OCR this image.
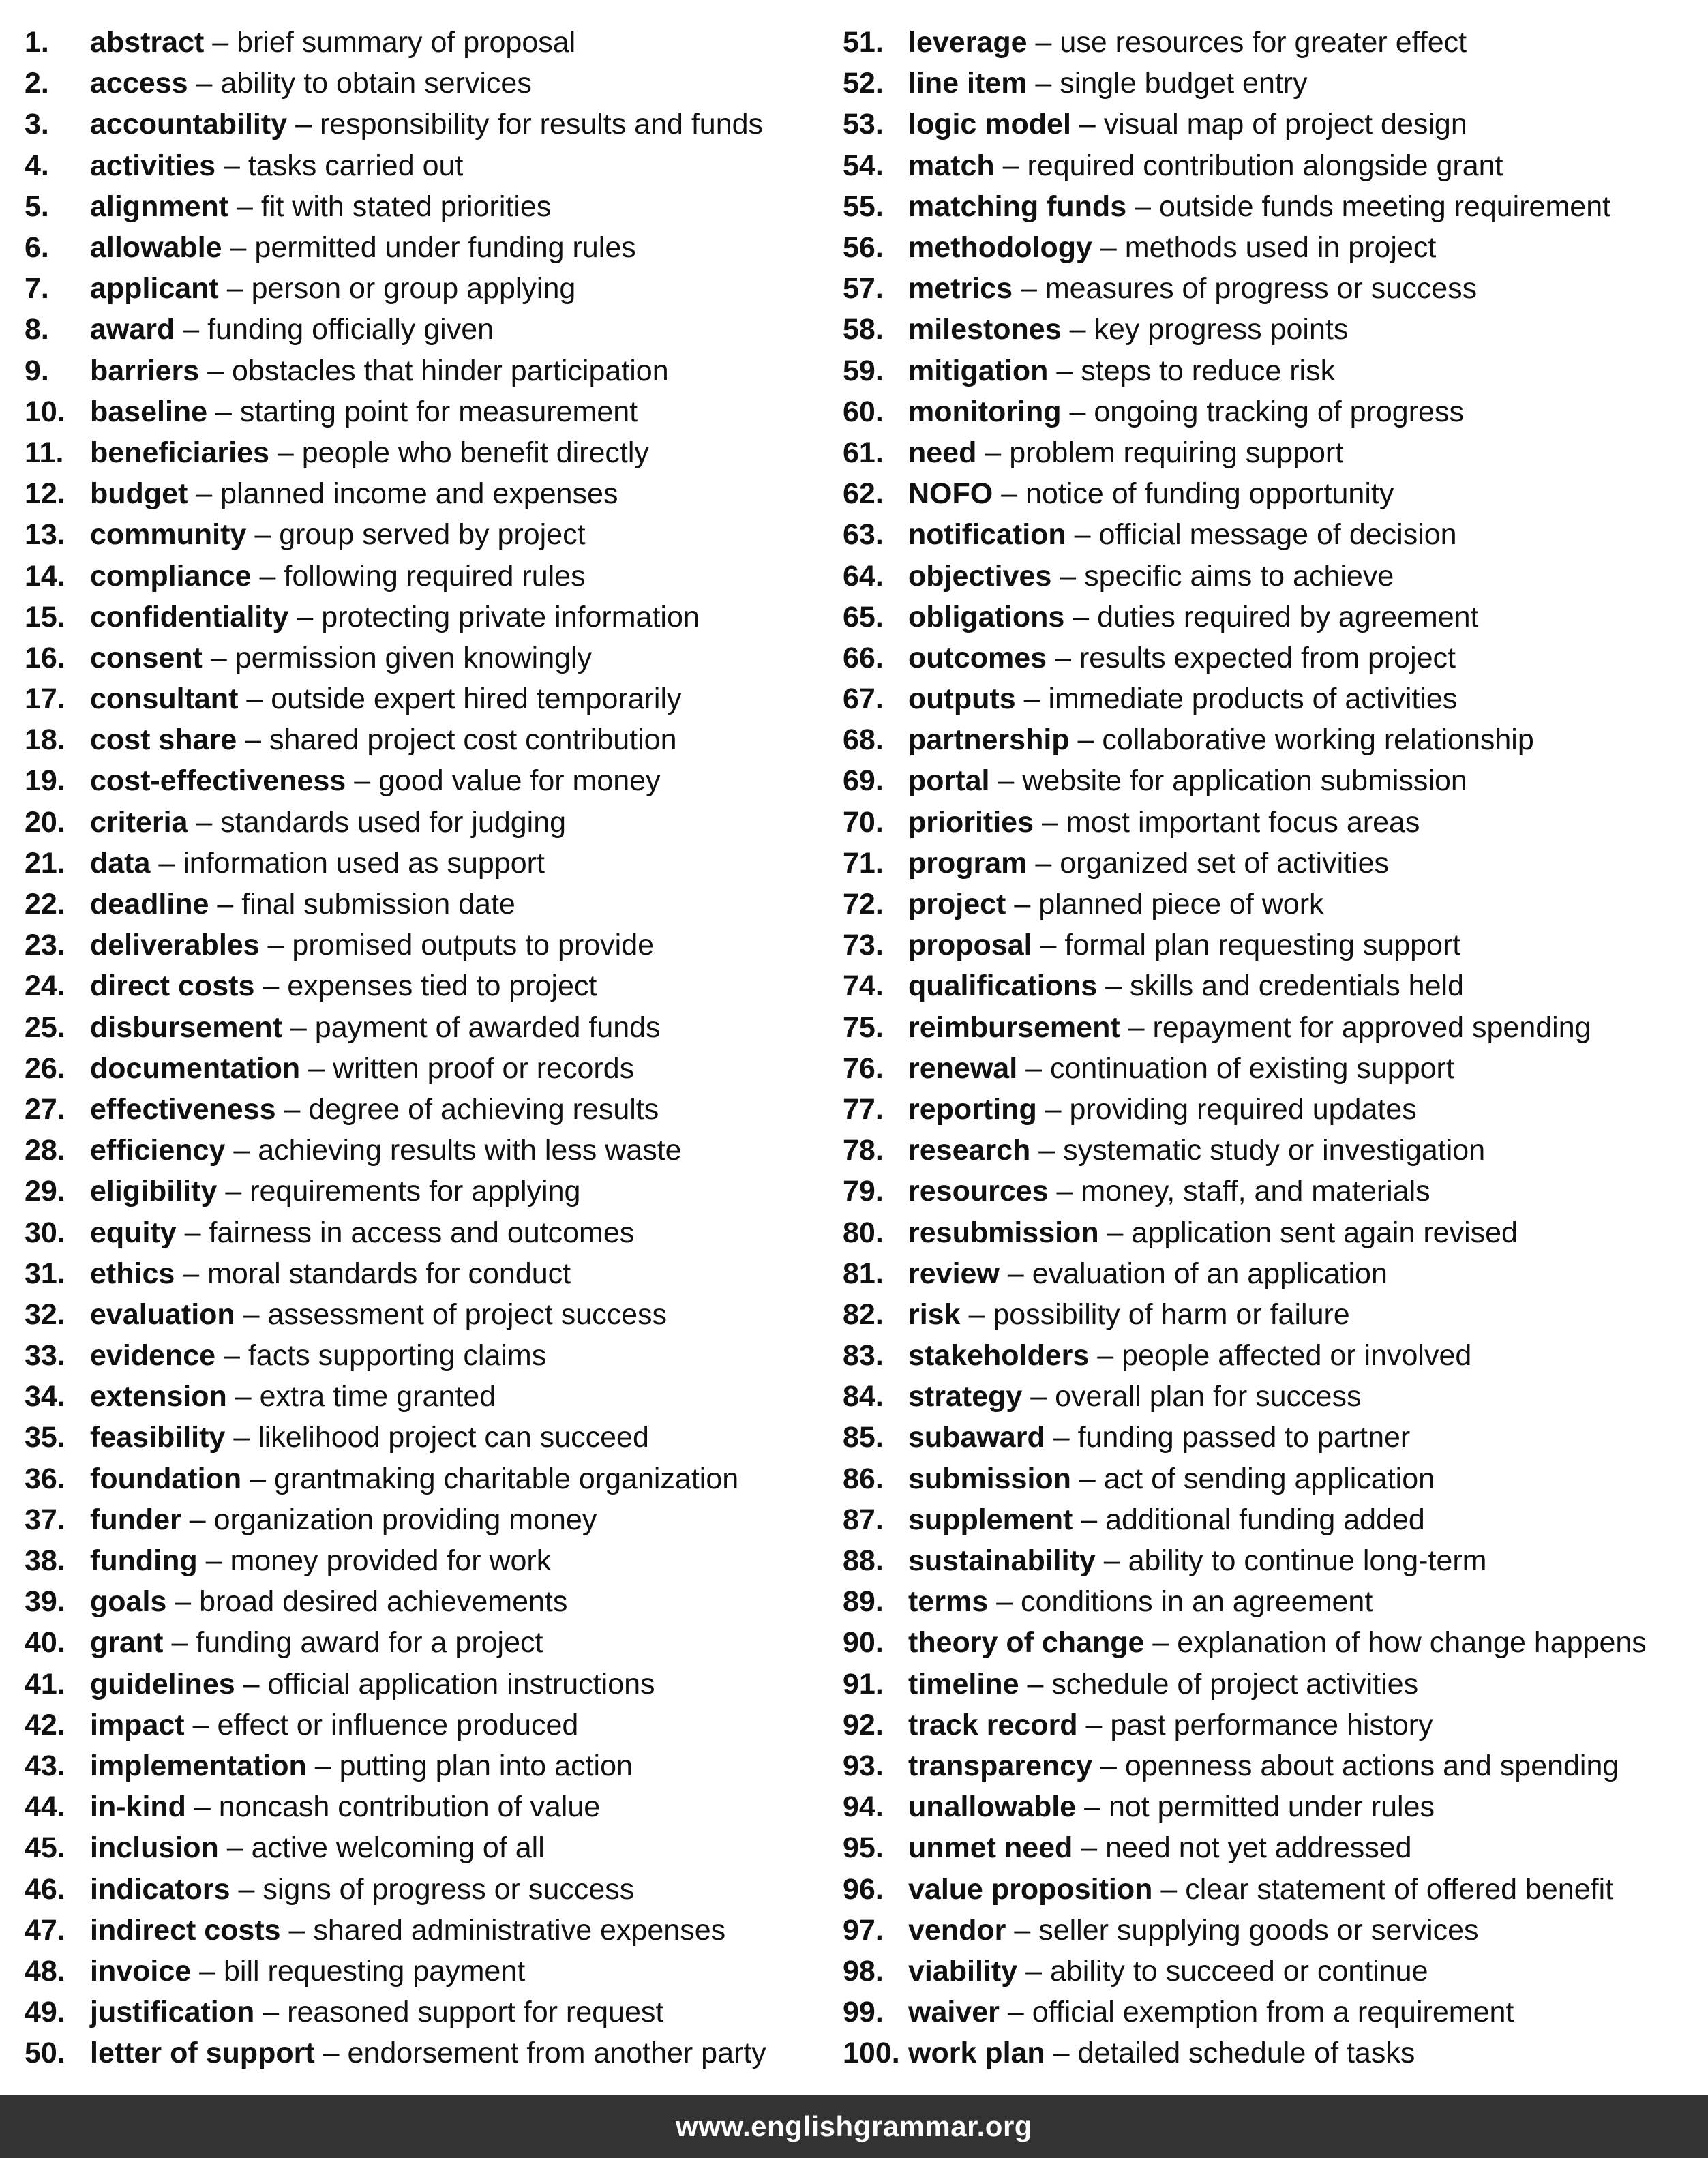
1.	abstract
–
brief summary of proposal
2.	access
–
ability to obtain services
3.	accountability
–
responsibility for results and funds
4.	activities
–
tasks carried out
5.	alignment
–
fit with stated priorities
6.	allowable
–
permitted under funding rules
7.	applicant
–
person or group applying
8.	award
–
funding officially given
9.	barriers
–
obstacles that hinder participation
10. baseline
–
starting point for measurement
11. beneficiaries
–
people who benefit directly
12. budget
–
planned income and expenses
13. community
–
group served by project
14. compliance
–
following required rules
15. confidentiality
–
protecting private information
16. consent
–
permission given knowingly
17. consultant
–
outside expert hired temporarily
18. cost share
–
shared project cost contribution
19. cost-effectiveness
–
good value for money
20. criteria
–
standards used for judging
21. data
–
information used as support
22. deadline
–
final submission date
23. deliverables
–
promised outputs to provide
24. direct costs
–
expenses tied to project
25. disbursement
–
payment of awarded funds
26. documentation
–
written proof or records
27. effectiveness
–
degree of achieving results
28. efficiency
–
achieving results with less waste
29. eligibility
–
requirements for applying
30. equity
–
fairness in access and outcomes
31. ethics
–
moral standards for conduct
32. evaluation
–
assessment of project success
33. evidence
–
facts supporting claims
34. extension
–
extra time granted
35. feasibility
–
likelihood project can succeed
36. foundation
–
grantmaking charitable organization
37. funder
–
organization providing money
38. funding
–
money provided for work
39. goals
–
broad desired achievements
40. grant
–
funding award for a project
41. guidelines
–
official application instructions
42. impact
–
effect or influence produced
43. implementation
–
putting plan into action
44. in-kind
–
noncash contribution of value
45. inclusion
–
active welcoming of all
46. indicators
–
signs of progress or success
47. indirect costs
–
shared administrative expenses
48. invoice
–
bill requesting payment
49. justification
–
reasoned support for request
50. letter of support
–
endorsement from another party
51. leverage
–
use resources for greater effect
52. line item
–
single budget entry
53. logic model
–
visual map of project design
54. match
–
required contribution alongside grant
55. matching funds
–
outside funds meeting requirement
56. methodology
–
methods used in project
57. metrics
–
measures of progress or success
58. milestones
–
key progress points
59. mitigation
–
steps to reduce risk
60. monitoring
–
ongoing tracking of progress
61. need
–
problem requiring support
62. NOFO
–
notice of funding opportunity
63. notification
–
official message of decision
64. objectives
–
specific aims to achieve
65. obligations
–
duties required by agreement
66. outcomes
–
results expected from project
67. outputs
–
immediate products of activities
68. partnership
–
collaborative working relationship
69. portal
–
website for application submission
70. priorities
–
most important focus areas
71. program
–
organized set of activities
72. project
–
planned piece of work
73. proposal
–
formal plan requesting support
74. qualifications
–
skills and credentials held
75. reimbursement
–
repayment for approved spending
76. renewal
–
continuation of existing support
77. reporting
–
providing required updates
78. research
–
systematic study or investigation
79. resources
–
money, staff, and materials
80. resubmission
–
application sent again revised
81. review
–
evaluation of an application
82. risk
–
possibility of harm or failure
83. stakeholders
–
people affected or involved
84. strategy
–
overall plan for success
85. subaward
–
funding passed to partner
86. submission
–
act of sending application
87. supplement
–
additional funding added
88. sustainability
–
ability to continue long-term
89. terms
–
conditions in an agreement
90. theory of change
–
explanation of how change happens
91. timeline
–
schedule of project activities
92. track record
–
past performance history
93. transparency
–
openness about actions and spending
94. unallowable
–
not permitted under rules
95. unmet need
–
need not yet addressed
96. value proposition
–
clear statement of offered benefit
97. vendor
–
seller supplying goods or services
98. viability
–
ability to succeed or continue
99. waiver
–
official exemption from a requirement
100. work plan
–
detailed schedule of tasks
www.englishgrammar.org
